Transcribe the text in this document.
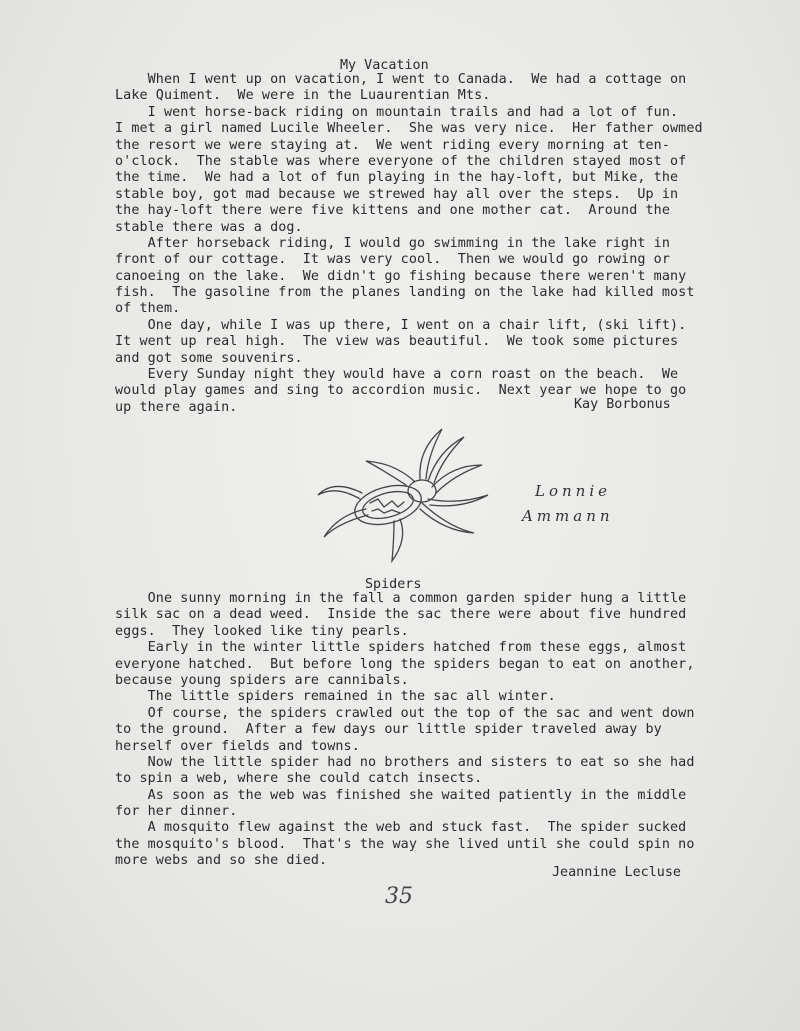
My Vacation
When I went up on vacation, I went to Canada.  We had a cottage on
Lake Quiment.  We were in the Luaurentian Mts.
I went horse-back riding on mountain trails and had a lot of fun.
I met a girl named Lucile Wheeler.  She was very nice.  Her father owmed
the resort we were staying at.  We went riding every morning at ten-
o'clock.  The stable was where everyone of the children stayed most of
the time.  We had a lot of fun playing in the hay-loft, but Mike, the
stable boy, got mad because we strewed hay all over the steps.  Up in
the hay-loft there were five kittens and one mother cat.  Around the
stable there was a dog.
After horseback riding, I would go swimming in the lake right in
front of our cottage.  It was very cool.  Then we would go rowing or
canoeing on the lake.  We didn't go fishing because there weren't many
fish.  The gasoline from the planes landing on the lake had killed most
of them.
One day, while I was up there, I went on a chair lift, (ski lift).
It went up real high.  The view was beautiful.  We took some pictures
and got some souvenirs.
Every Sunday night they would have a corn roast on the beach.  We
would play games and sing to accordion music.  Next year we hope to go
up there again.	Kay Borbonus
Lonnie
Ammann
Spiders
One sunny morning in the fall a common garden spider hung a little
silk sac on a dead weed.  Inside the sac there were about five hundred
eggs.  They looked like tiny pearls.
Early in the winter little spiders hatched from these eggs, almost
everyone hatched.  But before long the spiders began to eat on another,
because young spiders are cannibals.
The little spiders remained in the sac all winter.
Of course, the spiders crawled out the top of the sac and went down
to the ground.  After a few days our little spider traveled away by
herself over fields and towns.
Now the little spider had no brothers and sisters to eat so she had
to spin a web, where she could catch insects.
As soon as the web was finished she waited patiently in the middle
for her dinner.
A mosquito flew against the web and stuck fast.  The spider sucked
the mosquito's blood.  That's the way she lived until she could spin no
more webs and so she died.
Jeannine Lecluse
35
